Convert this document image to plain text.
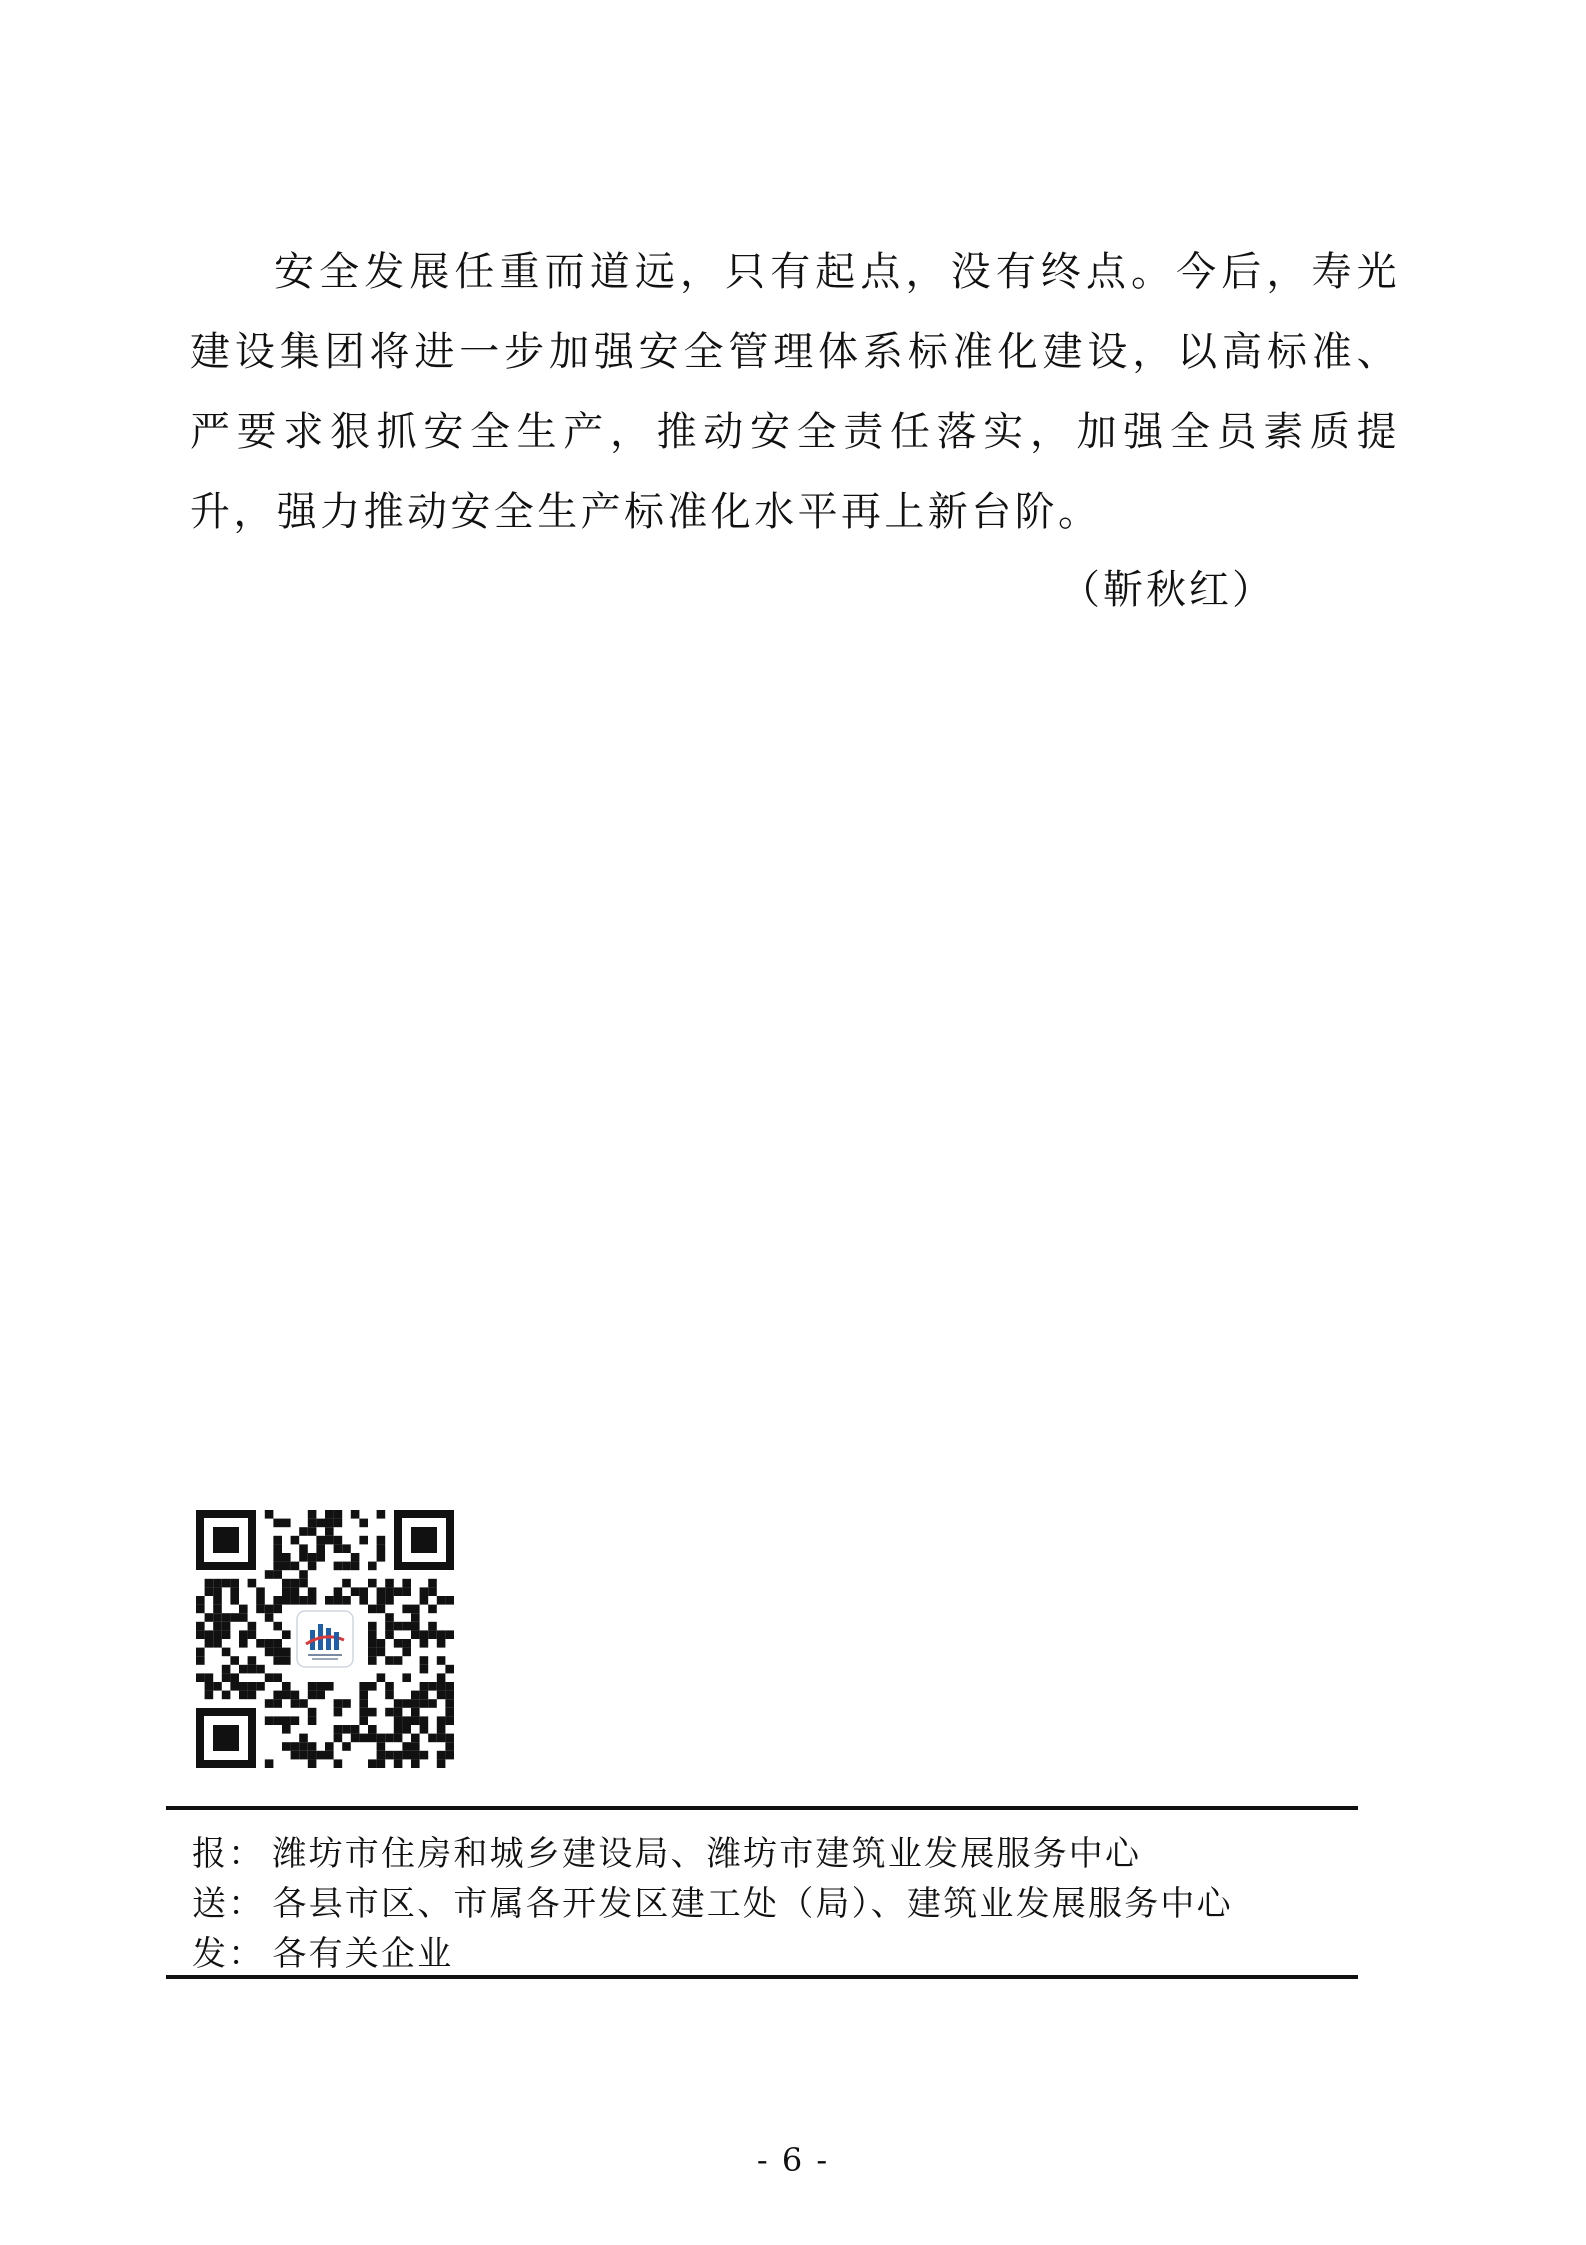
安全发展任重而道远，只有起点，没有终点。今后，寿光建设集团将进一步加强安全管理体系标准化建设，以高标准、严要求狠抓安全生产，推动安全责任落实，加强全员素质提升，强力推动安全生产标准化水平再上新台阶。

（靳秋红）

报： 潍坊市住房和城乡建设局、潍坊市建筑业发展服务中心

送： 各县市区、市属各开发区建工处（局）、建筑业发展服务中心

发： 各有关企业

- 6 -
